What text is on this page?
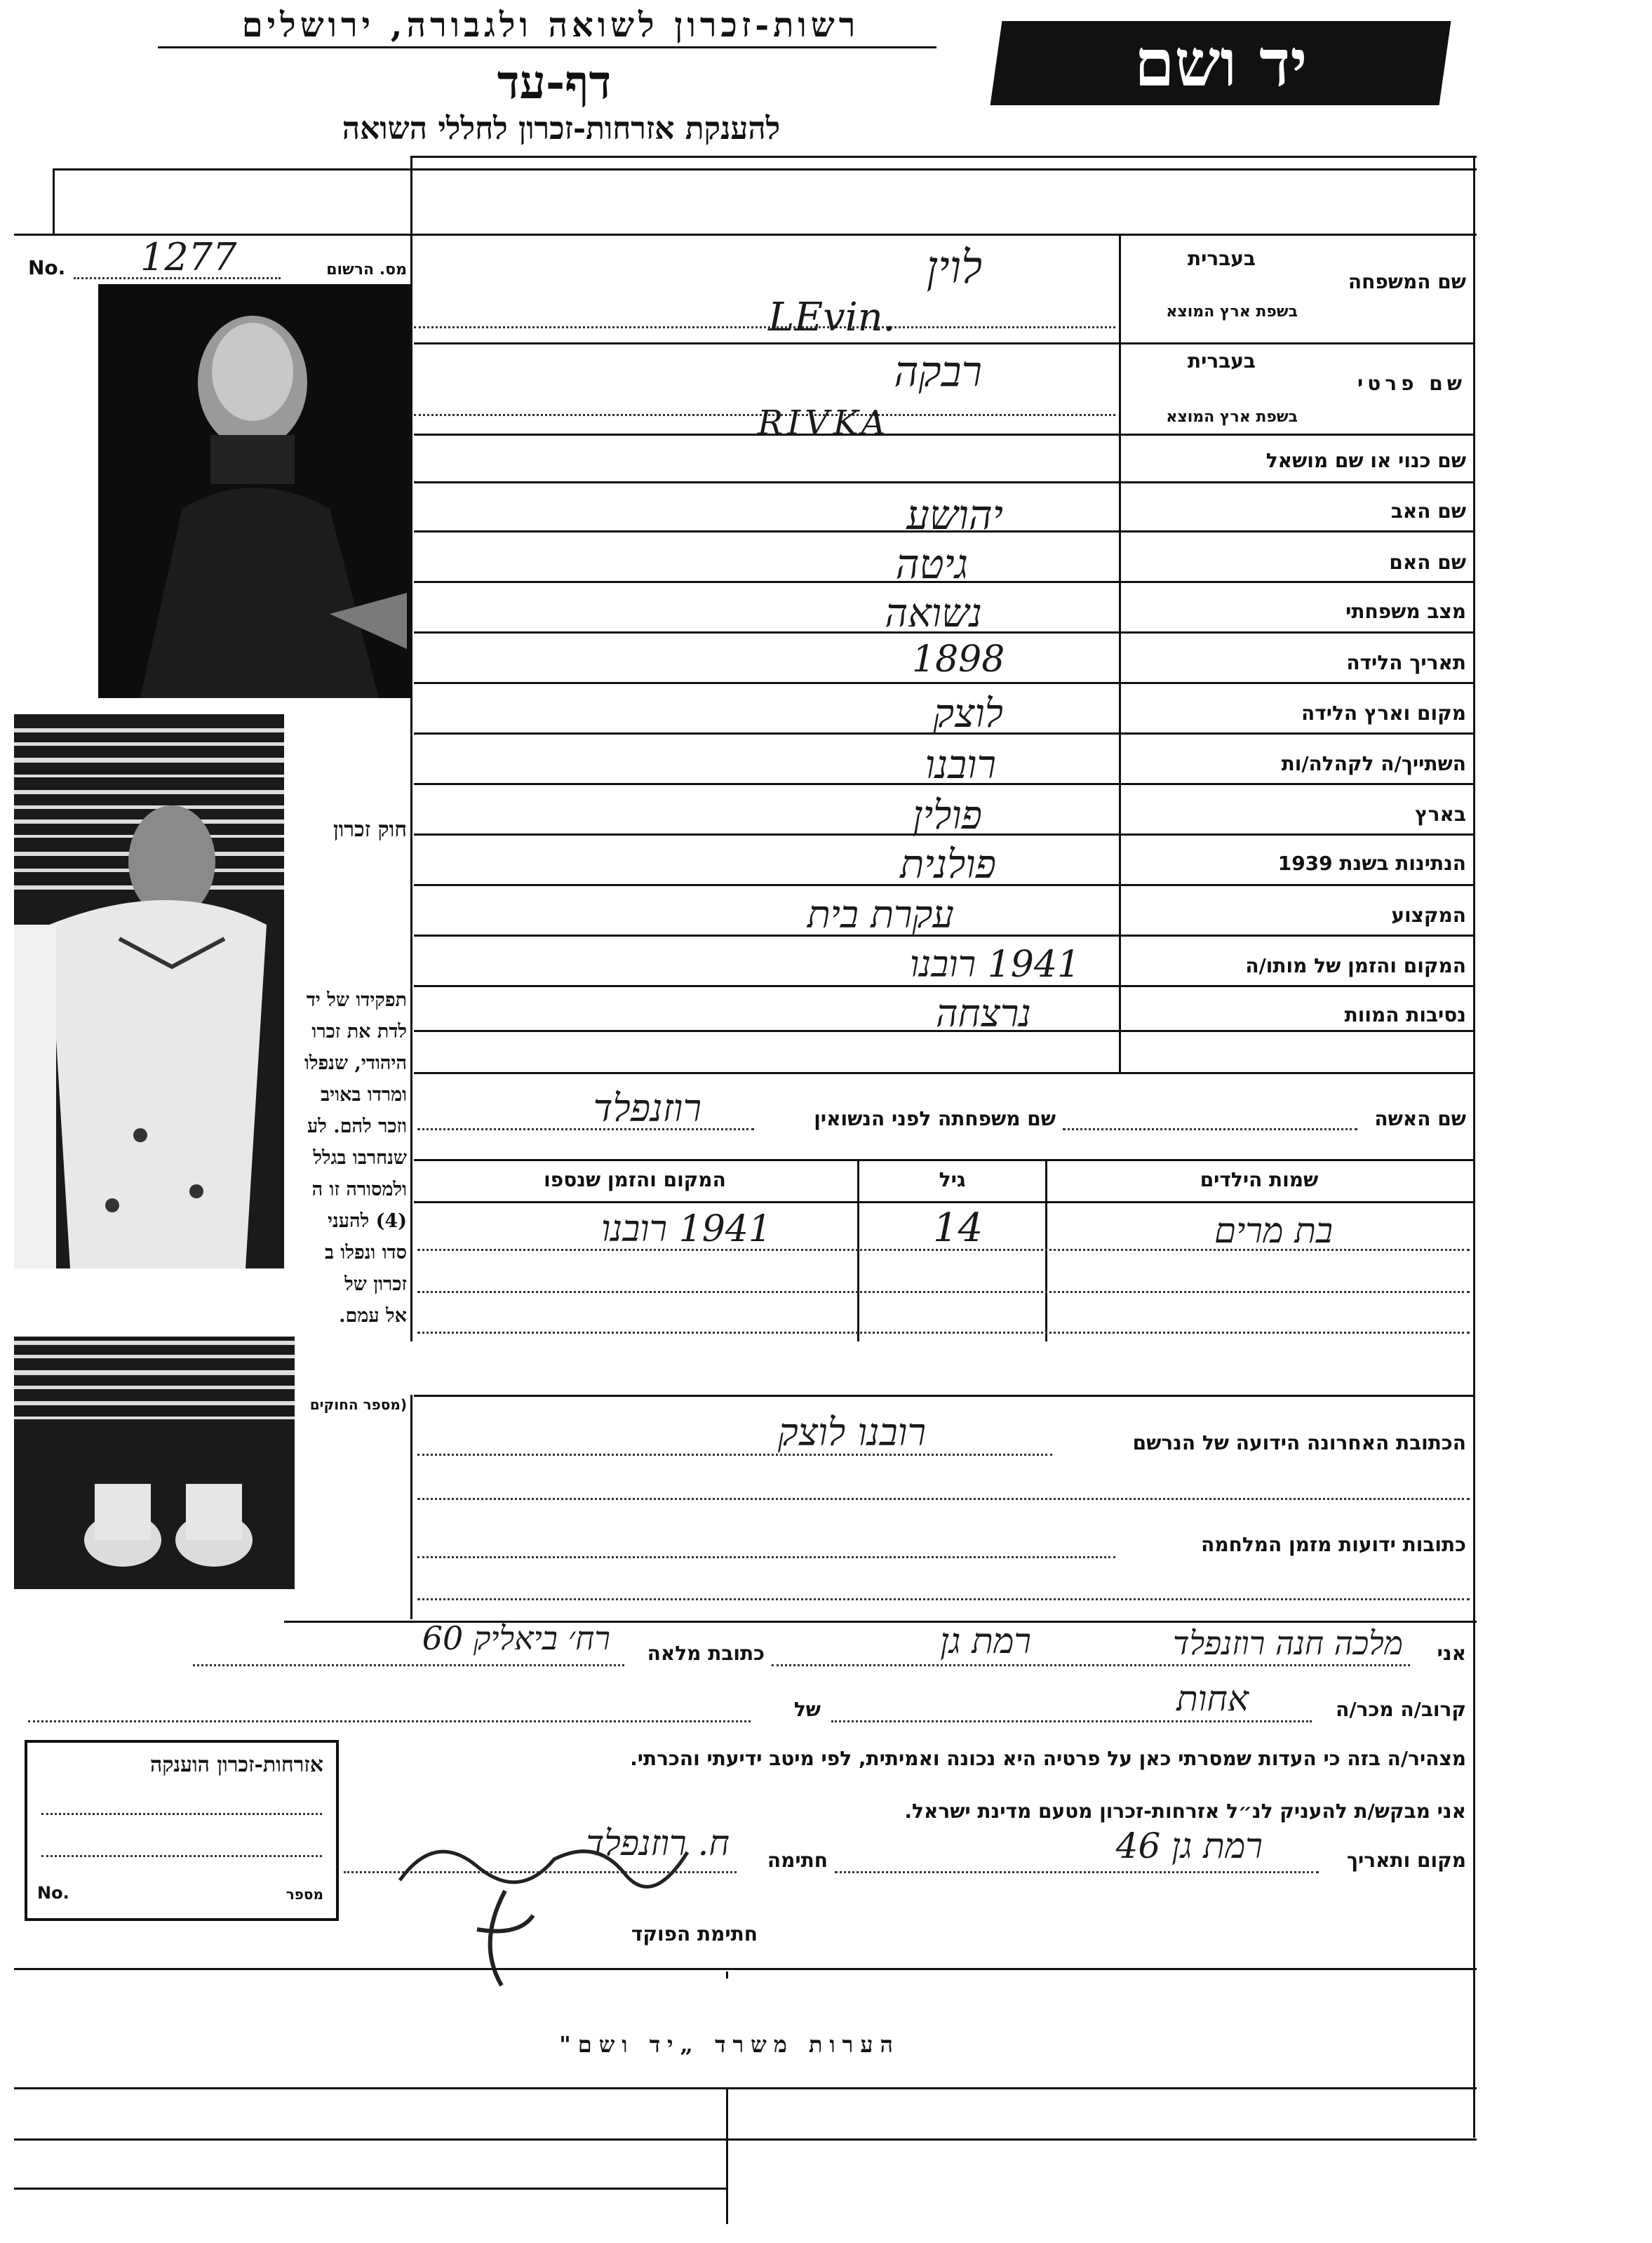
רשות-זכרון לשואה ולגבורה, ירושלים
דף-עד
להענקת אזרחות-זכרון לחללי השואה
יד ושם
No. 1277	מס. הרשום
חוק זכרון
תפקידו של יד
לדת את זכרו
היהודי, שנפלו
ומרדו באויב
וזכר להם. לע
שנחרבו בגלל
ולמסורה זו ה
(4) להעני
סדו ונפלו ב
זכרון של
אל עמם.
(מספר החוקים
שם המשפחה
בעברית
בשפת ארץ המוצא
לוין
LEvin.
שם פרטי
בעברית
בשפת ארץ המוצא
רבקה
RIVKA
שם כנוי או שם מושאל
שם האב
יהושע
שם האם
גיטה
מצב משפחתי
נשואה
תאריך הלידה
1898
מקום וארץ הלידה
לוצק
השתייך/ה לקהלה/ות
רובנו
בארץ
פולין
הנתינות בשנת 1939
פולנית
המקצוע
עקרת בית
המקום והזמן של מותו/ה
1941 רובנו
נסיבות המוות
נרצחה
שם האשה
שם משפחתה לפני הנשואין
רוזנפלד
שמות הילדים
גיל
המקום והזמן שנספו
בת מרים
14
1941 רובנו
הכתובת האחרונה הידועה של הנרשם
רובנו לוצק
כתובות ידועות מזמן המלחמה
אני
מלכה חנה רוזנפלד
רמת גן
כתובת מלאה
רח׳ ביאליק 60
קרוב/ה מכר/ה
אחות
של
מצהיר/ה בזה כי העדות שמסרתי כאן על פרטיה היא נכונה ואמיתית, לפי מיטב ידיעתי והכרתי.
אני מבקש/ת להעניק לנ״ל אזרחות-זכרון מטעם מדינת ישראל.
מקום ותאריך
רמת גן 46
חתימה
ח. רוזנפלד
חתימת הפוקד
אזרחות-זכרון הוענקה
No.	מספר
הערות משרד „יד ושם"
